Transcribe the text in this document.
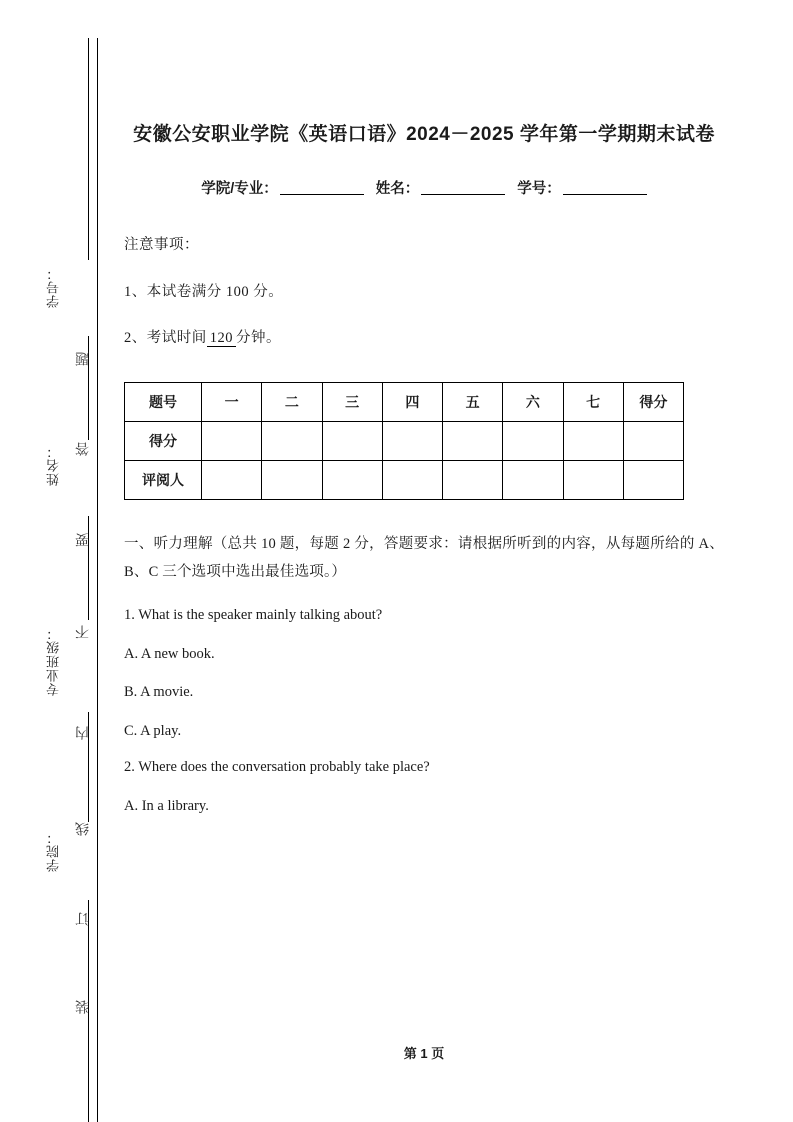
学号：
姓名：
专业班级：
学院：
题
答
要
不
内
线
订
装
安徽公安职业学院《英语口语》2024－2025 学年第一学期期末试卷
学院/专业：	姓名：	学号：
注意事项：
1、本试卷满分 100 分。
2、考试时间 120 分钟。
题号	一	二	三	四	五	六	七	得分
得分								
评阅人								
一、听力理解（总共 10 题，每题 2 分，答题要求：请根据所听到的内容，从每题所给的 A、B、C 三个选项中选出最佳选项。）
1. What is the speaker mainly talking about?
A. A new book.
B. A movie.
C. A play.
2. Where does the conversation probably take place?
A. In a library.
第 1 页
